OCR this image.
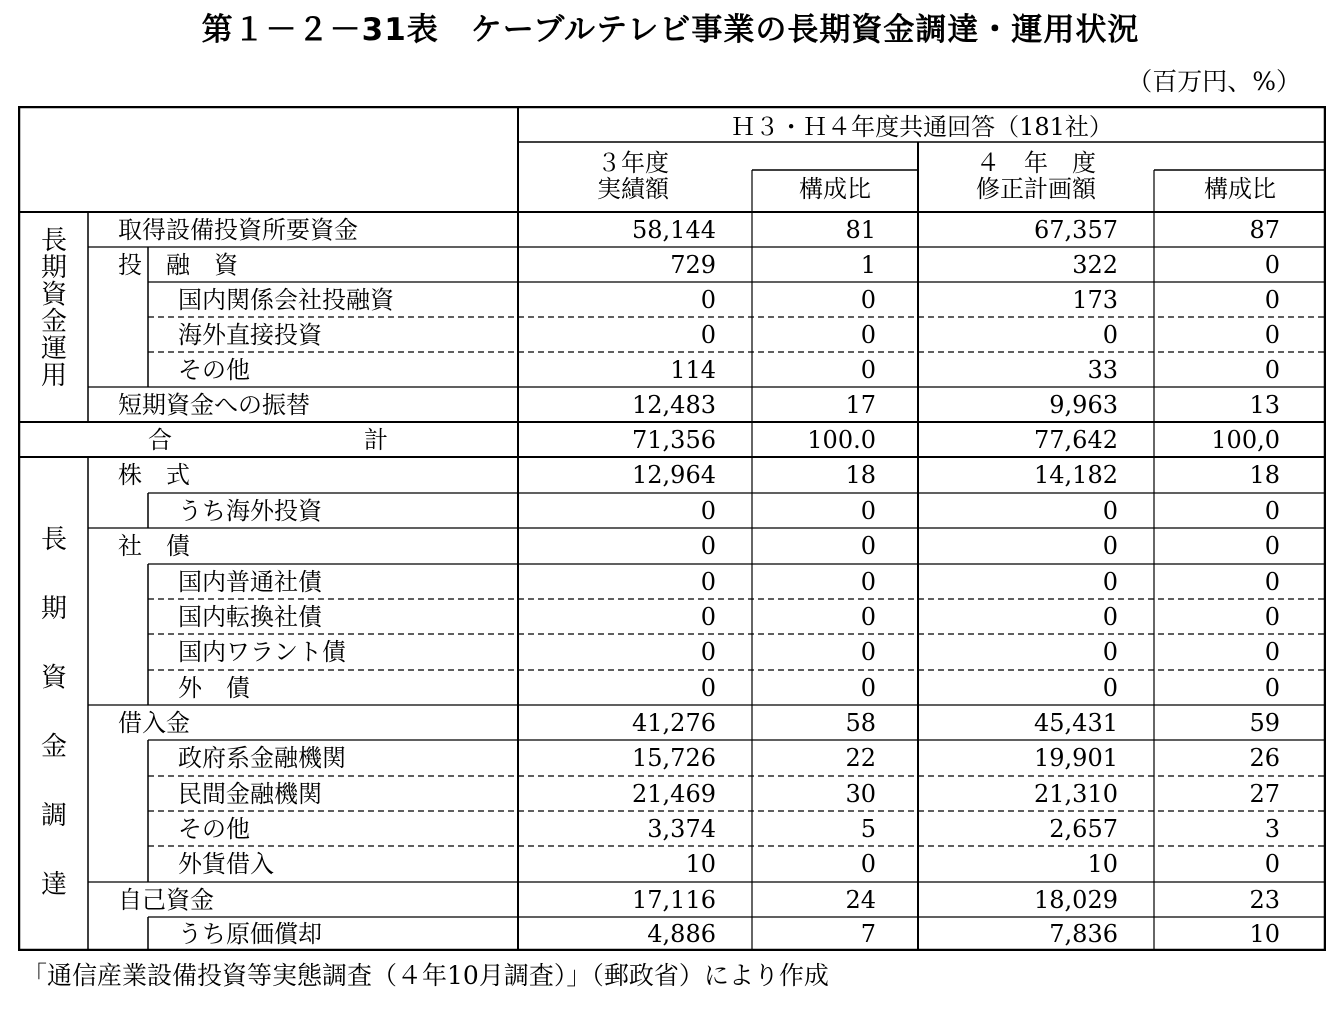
第１－２－31表　ケーブルテレビ事業の長期資金調達・運用状況
（百万円、%）
Ｈ３・Ｈ４年度共通回答（181社）
３年度
実績額	構成比
４　年　度
修正計画額	構成比
長
期
資
金
運
用
長
期
資
金
調
達
取得設備投資所要資金	58,144	81	67,357	87
投　融　資	729	1	322	0
国内関係会社投融資	0	0	173	0
海外直接投資	0	0	0	0
その他	114	0	33	0
短期資金への振替	12,483	17	9,963	13
合　　　　　　　　計	71,356	100.0	77,642	100,0
株　式	12,964	18	14,182	18
うち海外投資	0	0	0	0
社　債	0	0	0	0
国内普通社債	0	0	0	0
国内転換社債	0	0	0	0
国内ワラント債	0	0	0	0
外　債	0	0	0	0
借入金	41,276	58	45,431	59
政府系金融機関	15,726	22	19,901	26
民間金融機関	21,469	30	21,310	27
その他	3,374	5	2,657	3
外貨借入	10	0	10	0
自己資金	17,116	24	18,029	23
うち原価償却	4,886	7	7,836	10
「通信産業設備投資等実態調査（４年10月調査）」（郵政省）により作成
